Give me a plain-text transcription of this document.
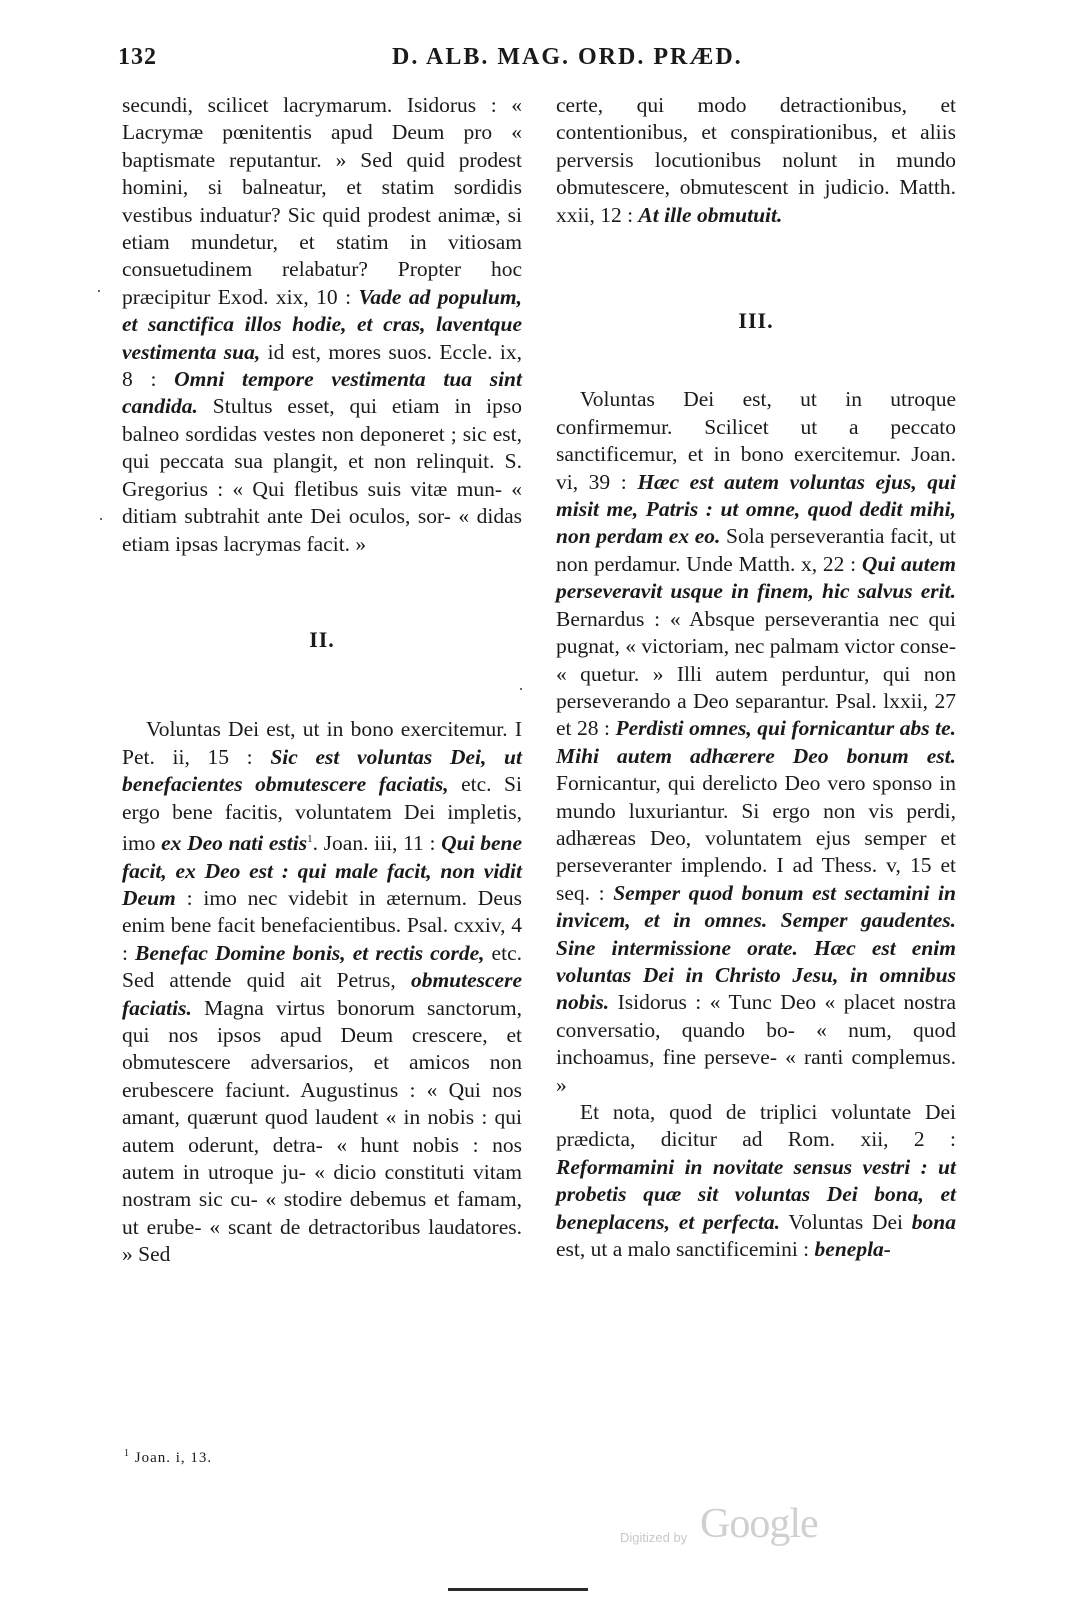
132	D. ALB. MAG. ORD. PRÆD.

secundi, scilicet lacrymarum. Isidorus : « Lacrymæ pœnitentis apud Deum pro « baptismate reputantur. » Sed quid prodest homini, si balneatur, et statim sordidis vestibus induatur? Sic quid prodest animæ, si etiam mundetur, et statim in vitiosam consuetudinem relabatur? Propter hoc præcipitur Exod. xix, 10 : Vade ad populum, et sanctifica illos hodie, et cras, laventque vestimenta sua, id est, mores suos. Eccle. ix, 8 : Omni tempore vestimenta tua sint candida. Stultus esset, qui etiam in ipso balneo sordidas vestes non deponeret ; sic est, qui peccata sua plangit, et non relinquit. S. Gregorius : « Qui fletibus suis vitæ mun- « ditiam subtrahit ante Dei oculos, sor- « didas etiam ipsas lacrymas facit. »

II.

Voluntas Dei est, ut in bono exercitemur. I Pet. ii, 15 : Sic est voluntas Dei, ut benefacientes obmutescere faciatis, etc. Si ergo bene facitis, voluntatem Dei impletis, imo ex Deo nati estis$^1$. Joan. iii, 11 : Qui bene facit, ex Deo est : qui male facit, non vidit Deum : imo nec videbit in æternum. Deus enim bene facit benefacientibus. Psal. cxxiv, 4 : Benefac Domine bonis, et rectis corde, etc. Sed attende quid ait Petrus, obmutescere faciatis. Magna virtus bonorum sanctorum, qui nos ipsos apud Deum crescere, et obmutescere adversarios, et amicos non erubescere faciunt. Augustinus : « Qui nos amant, quærunt quod laudent « in nobis : qui autem oderunt, detra- « hunt nobis : nos autem in utroque ju- « dicio constituti vitam nostram sic cu- « stodire debemus et famam, ut erube- « scant de detractoribus laudatores. » Sed

certe, qui modo detractionibus, et contentionibus, et conspirationibus, et aliis perversis locutionibus nolunt in mundo obmutescere, obmutescent in judicio. Matth. xxii, 12 : At ille obmutuit.

III.

Voluntas Dei est, ut in utroque confirmemur. Scilicet ut a peccato sanctificemur, et in bono exercitemur. Joan. vi, 39 : Hæc est autem voluntas ejus, qui misit me, Patris : ut omne, quod dedit mihi, non perdam ex eo. Sola perseverantia facit, ut non perdamur. Unde Matth. x, 22 : Qui autem perseveravit usque in finem, hic salvus erit. Bernardus : « Absque perseverantia nec qui pugnat, « victoriam, nec palmam victor conse- « quetur. » Illi autem perduntur, qui non perseverando a Deo separantur. Psal. lxxii, 27 et 28 : Perdisti omnes, qui fornicantur abs te. Mihi autem adhærere Deo bonum est. Fornicantur, qui derelicto Deo vero sponso in mundo luxuriantur. Si ergo non vis perdi, adhæreas Deo, voluntatem ejus semper et perseveranter implendo. I ad Thess. v, 15 et seq. : Semper quod bonum est sectamini in invicem, et in omnes. Semper gaudentes. Sine intermissione orate. Hæc est enim voluntas Dei in Christo Jesu, in omnibus nobis. Isidorus : « Tunc Deo « placet nostra conversatio, quando bo- « num, quod inchoamus, fine perseve- « ranti complemus. »

Et nota, quod de triplici voluntate Dei prædicta, dicitur ad Rom. xii, 2 : Reformamini in novitate sensus vestri : ut probetis quæ sit voluntas Dei bona, et beneplacens, et perfecta. Voluntas Dei bona est, ut a malo sanctificemini : benepla-

$^1$ Joan. i, 13.
Digitized by Google
